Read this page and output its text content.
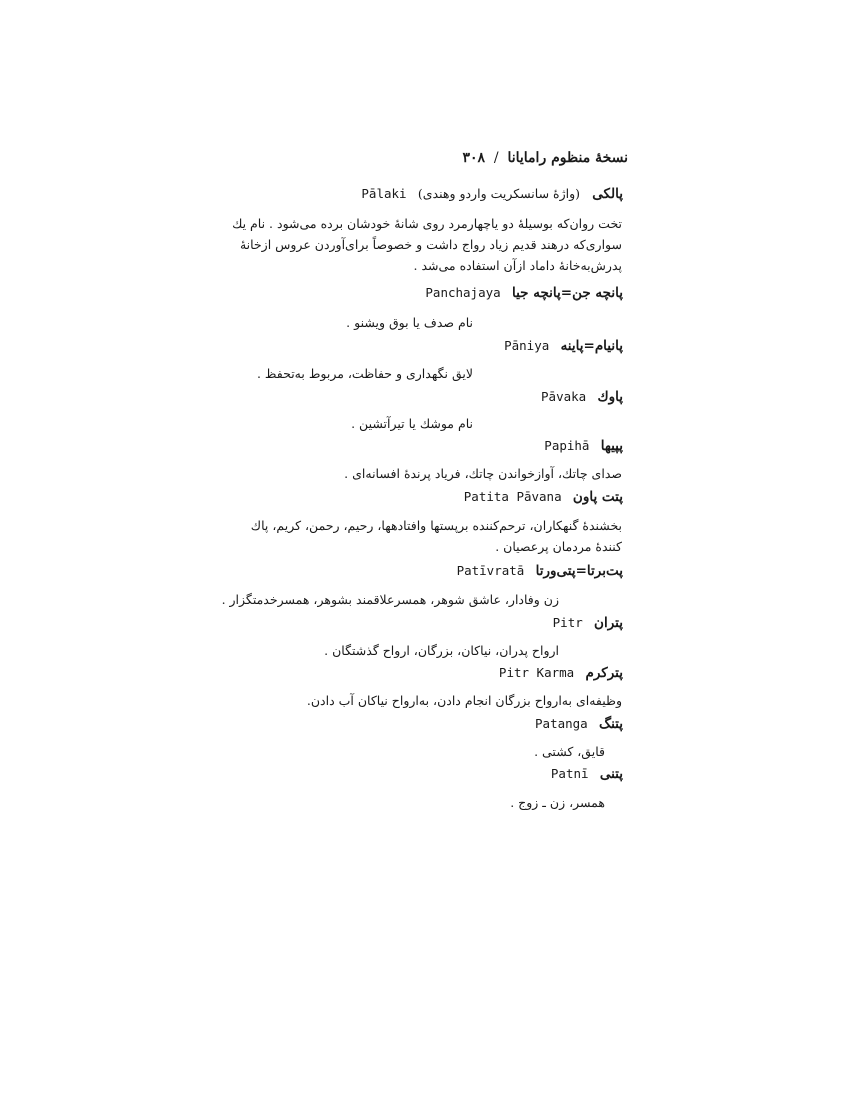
نسخهٔ منظوم رامایانا / ۳۰۸
پالکی (واژهٔ سانسکریت واردو وهندی) Pālaki
تخت روان‌که بوسیلهٔ دو یاچهارمرد روی شانهٔ خودشان برده می‌شود . نام یك
سواری‌که درهند قدیم زیاد رواج داشت و خصوصاً برای‌آوردن عروس ازخانهٔ
پدرش‌به‌خانهٔ داماد ازآن استفاده می‌شد .
پانچه جن=پانچه جیا Panchajaya
نام صدف یا بوق ویشنو .
پانیام=پاینه Pāniya
لایق نگهداری و حفاظت، مربوط به‌تحفظ .
پاوك Pāvaka
نام موشك یا تیرآتشین .
پپیها Papihā
صدای چاتك، آوازخواندن چاتك، فریاد پرندهٔ افسانه‌ای .
پتت پاون Patita Pāvana
بخشندهٔ گنهکاران، ترحم‌کننده برپستها وافتادهها، رحیم، رحمن، کریم، پاك
کنندهٔ مردمان پرعصیان .
پت‌برتا=پتی‌ورتا Patīvratā
زن وفادار، عاشق شوهر، همسرعلاقمند بشوهر، همسرخدمتگزار .
پتران Pitr
ارواح پدران، نیاکان، بزرگان، ارواح گذشتگان .
پترکرم Pitr Karma
وظیفه‌ای به‌ارواح بزرگان انجام دادن، به‌ارواح نیاکان آب دادن.
پتنگ Patanga
قایق، کشتی .
پتنی Patnī
همسر، زن ـ زوج .
